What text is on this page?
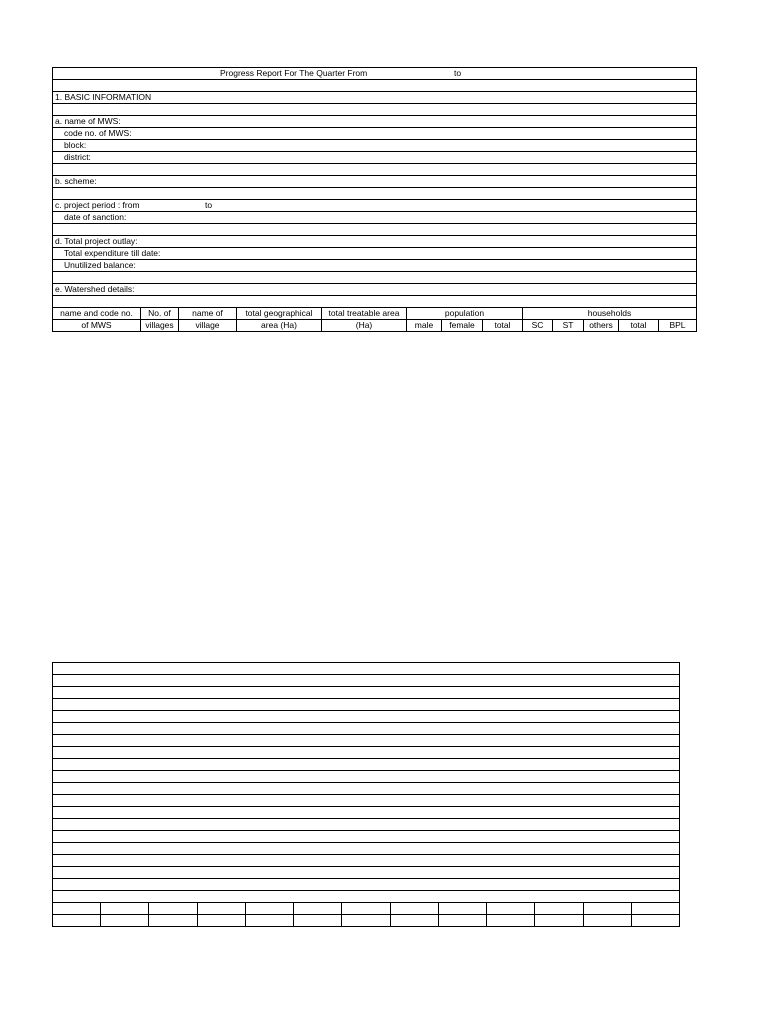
Progress Report For The Quarter From	to
1. BASIC INFORMATION
a. name of MWS:
code no. of MWS:
block:
district:
b. scheme:
c. project period : from	to
date of sanction:
d. Total project outlay:
Total expenditure till date:
Unutilized balance:
e. Watershed details:
name and code no.	No. of	name of	total geographical	total treatable area	population	households
of MWS	villages	village	area (Ha)	(Ha)	male	female	total	SC	ST	others	total	BPL
